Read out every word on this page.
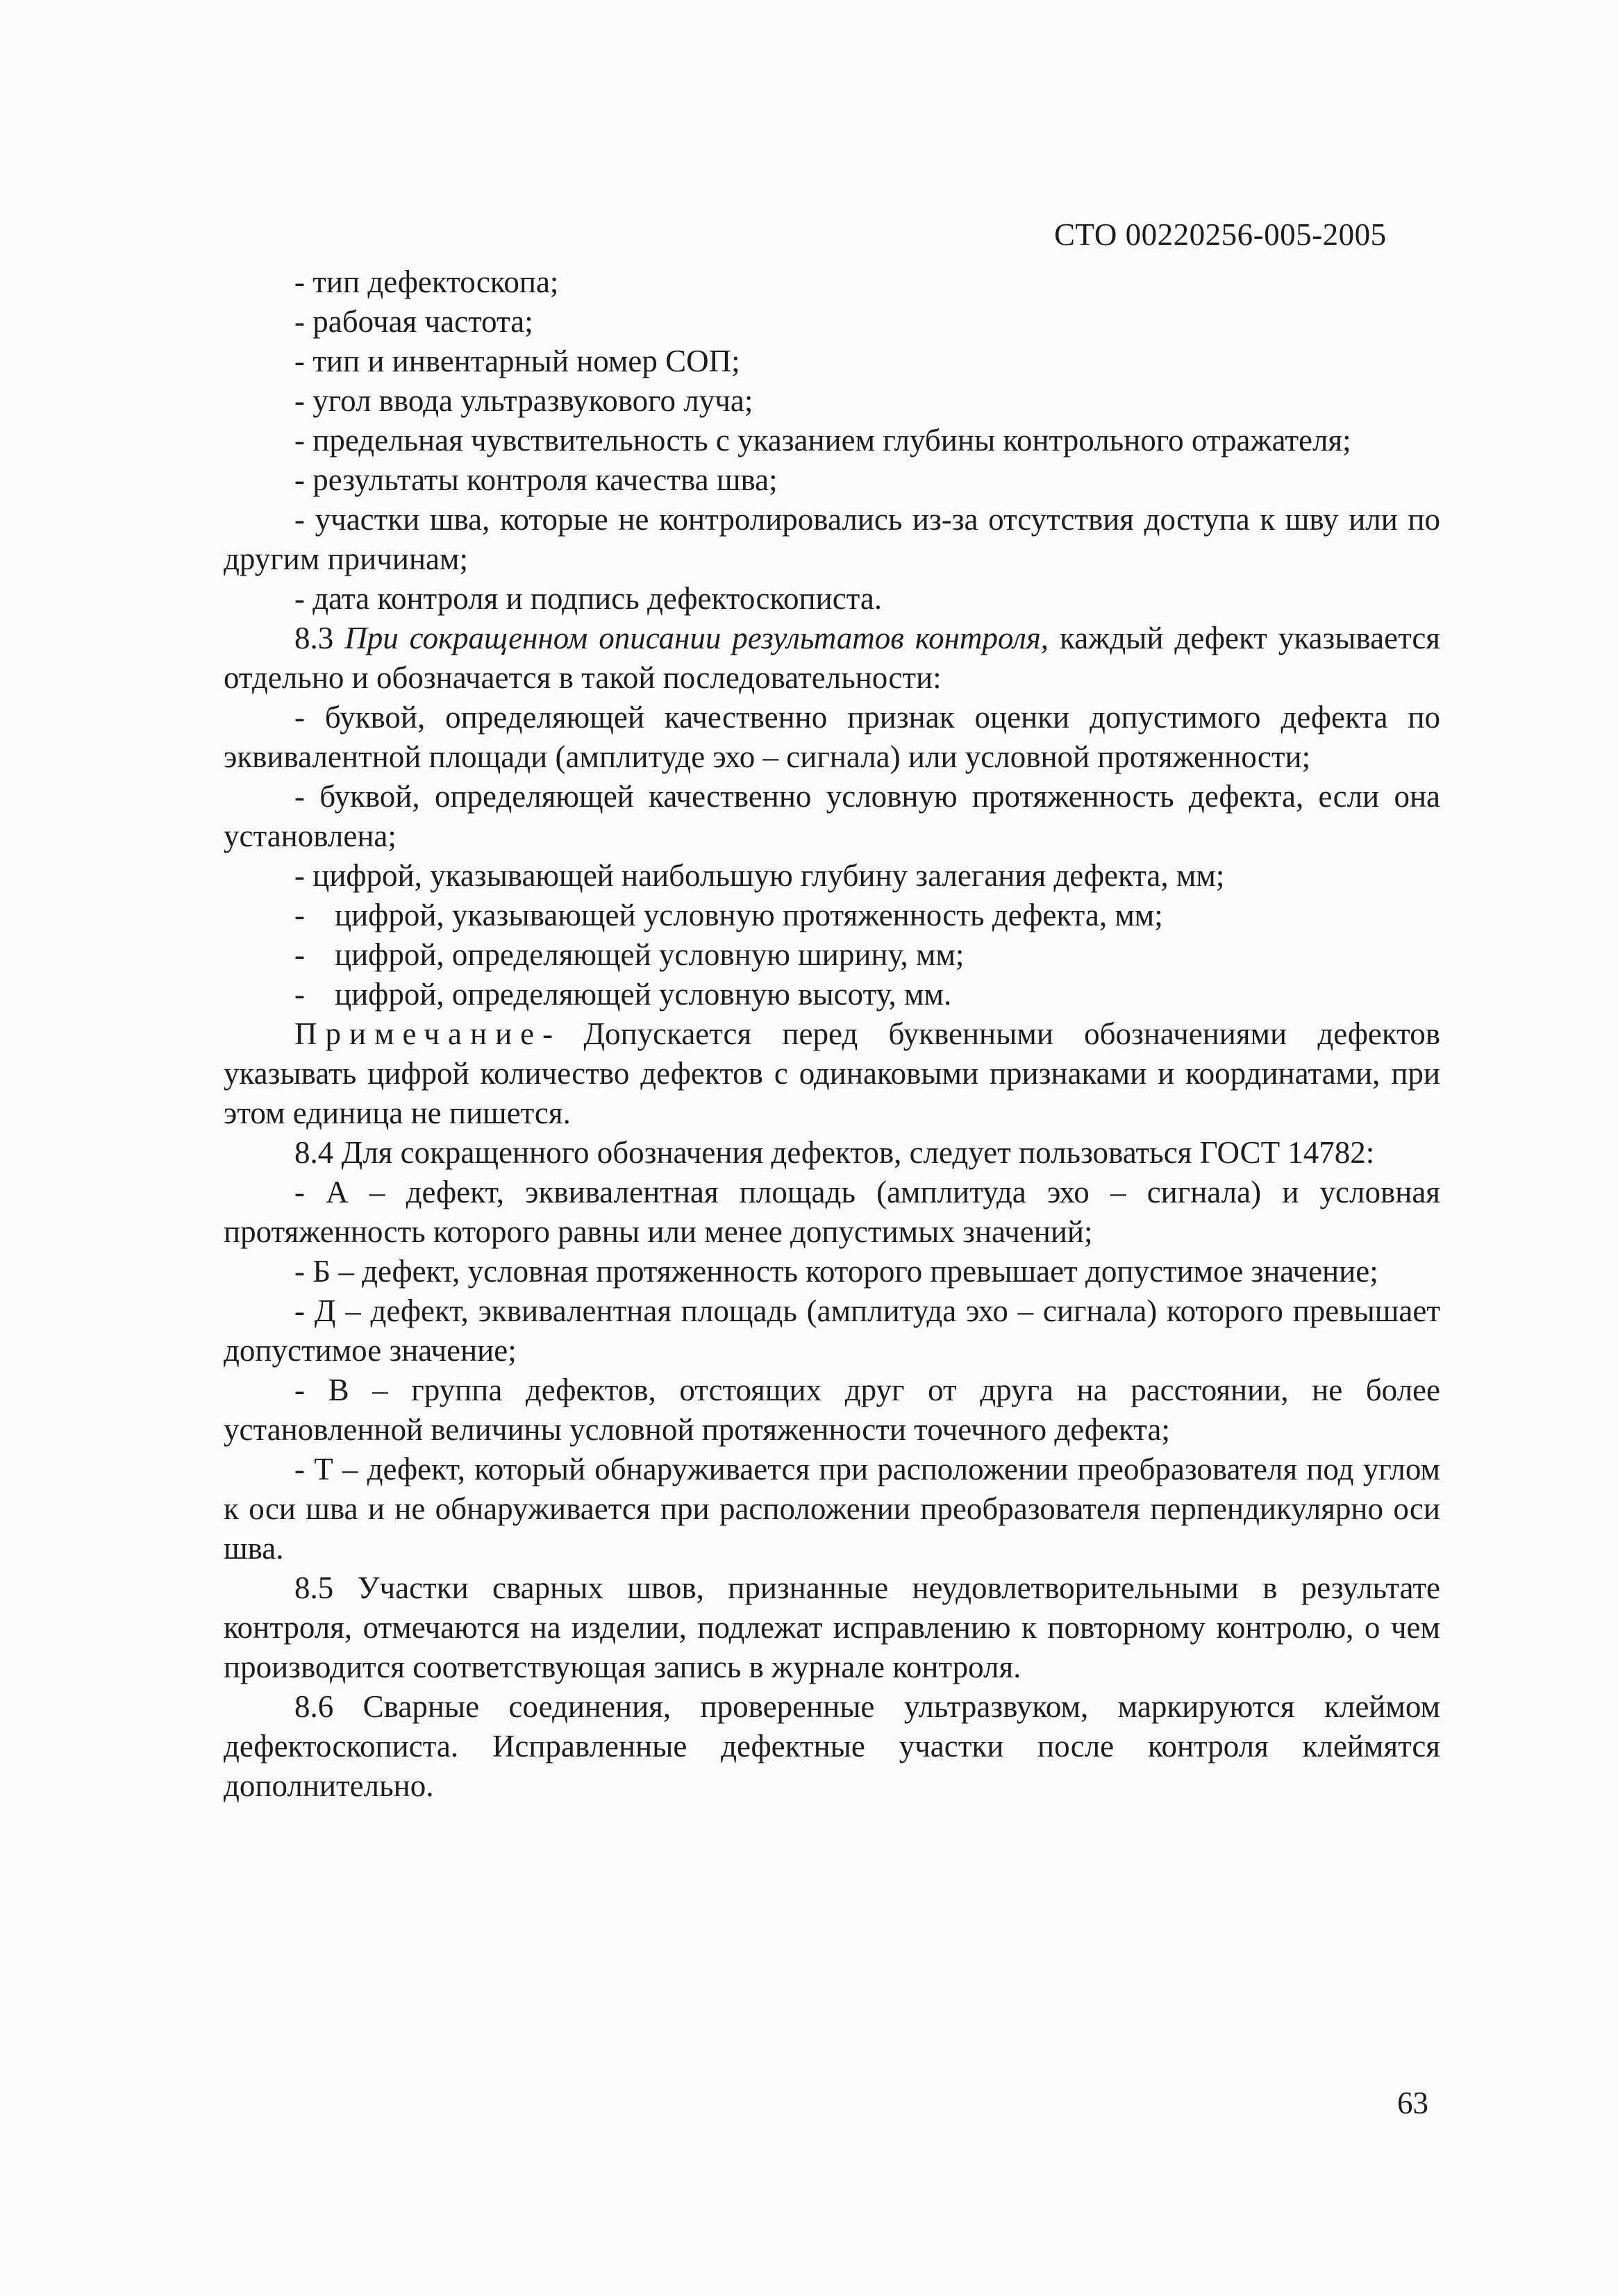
СТО 00220256-005-2005

- тип дефектоскопа;

- рабочая частота;

- тип и инвентарный номер СОП;

- угол ввода ультразвукового луча;

- предельная чувствительность с указанием глубины контрольного отражателя;

- результаты контроля качества шва;

- участки шва, которые не контролировались из-за отсутствия доступа к шву или по другим причинам;

- дата контроля и подпись дефектоскописта.

8.3 При сокращенном описании результатов контроля, каждый дефект указывается отдельно и обозначается в такой последовательности:

- буквой, определяющей качественно признак оценки допустимого дефекта по эквивалентной площади (амплитуде эхо – сигнала) или условной протяженности;

- буквой, определяющей качественно условную протяженность дефекта, если она установлена;

- цифрой, указывающей наибольшую глубину залегания дефекта, мм;

- цифрой, указывающей условную протяженность дефекта, мм;
- цифрой, определяющей условную ширину, мм;
- цифрой, определяющей условную высоту, мм.

Примечание- Допускается перед буквенными обозначениями дефектов указывать цифрой количество дефектов с одинаковыми признаками и координатами, при этом единица не пишется.

8.4 Для сокращенного обозначения дефектов, следует пользоваться ГОСТ 14782:

- А – дефект, эквивалентная площадь (амплитуда эхо – сигнала) и условная протяженность которого равны или менее допустимых значений;

- Б – дефект, условная протяженность которого превышает допустимое значение;

- Д – дефект, эквивалентная площадь (амплитуда эхо – сигнала) которого превышает допустимое значение;

- В – группа дефектов, отстоящих друг от друга на расстоянии, не более установленной величины условной протяженности точечного дефекта;

- Т – дефект, который обнаруживается при расположении преобразователя под углом к оси шва и не обнаруживается при расположении преобразователя перпендикулярно оси шва.

8.5 Участки сварных швов, признанные неудовлетворительными в результате контроля, отмечаются на изделии, подлежат исправлению к повторному контролю, о чем производится соответствующая запись в журнале контроля.

8.6 Сварные соединения, проверенные ультразвуком, маркируются клеймом дефектоскописта. Исправленные дефектные участки после контроля клеймятся дополнительно.

63
